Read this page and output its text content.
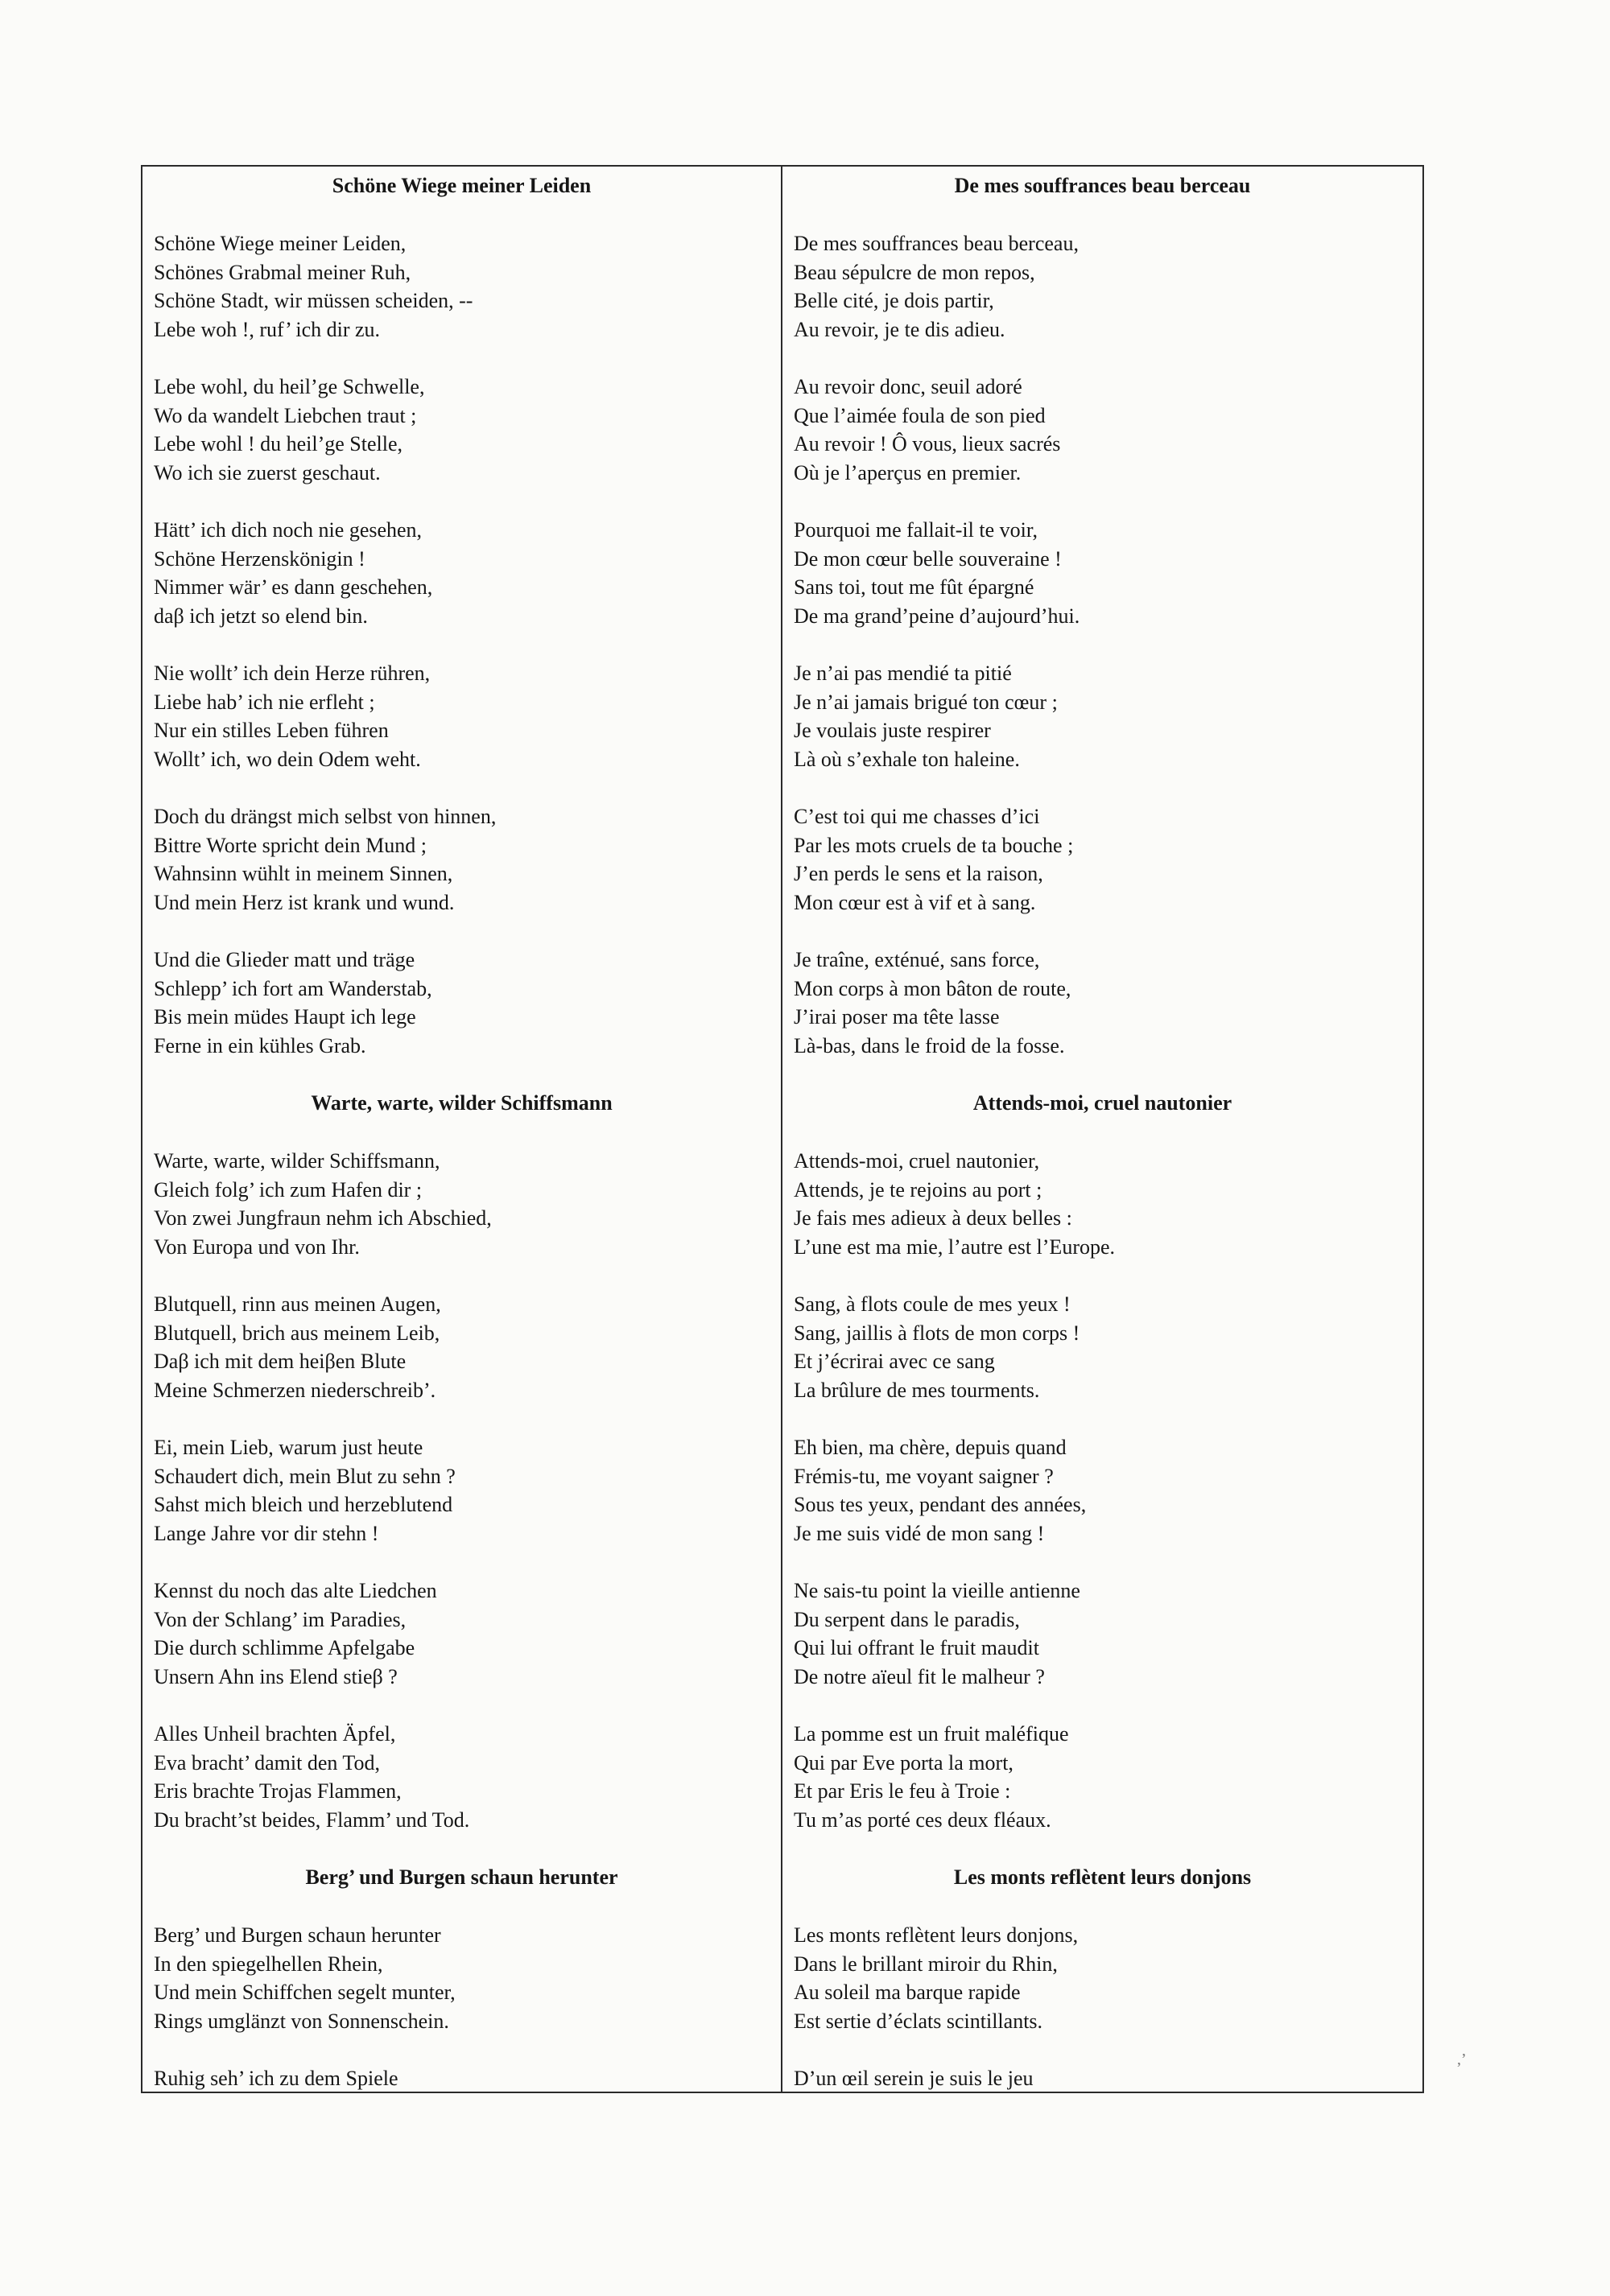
Schöne Wiege meiner Leiden
Schöne Wiege meiner Leiden,
Schönes Grabmal meiner Ruh,
Schöne Stadt, wir müssen scheiden, --
Lebe woh !, ruf’ ich dir zu.
Lebe wohl, du heil’ge Schwelle,
Wo da wandelt Liebchen traut ;
Lebe wohl ! du heil’ge Stelle,
Wo ich sie zuerst geschaut.
Hätt’ ich dich noch nie gesehen,
Schöne Herzenskönigin !
Nimmer wär’ es dann geschehen,
daβ ich jetzt so elend bin.
Nie wollt’ ich dein Herze rühren,
Liebe hab’ ich nie erfleht ;
Nur ein stilles Leben führen
Wollt’ ich, wo dein Odem weht.
Doch du drängst mich selbst von hinnen,
Bittre Worte spricht dein Mund ;
Wahnsinn wühlt in meinem Sinnen,
Und mein Herz ist krank und wund.
Und die Glieder matt und träge
Schlepp’ ich fort am Wanderstab,
Bis mein müdes Haupt ich lege
Ferne in ein kühles Grab.
Warte, warte, wilder Schiffsmann
Warte, warte, wilder Schiffsmann,
Gleich folg’ ich zum Hafen dir ;
Von zwei Jungfraun nehm ich Abschied,
Von Europa und von Ihr.
Blutquell, rinn aus meinen Augen,
Blutquell, brich aus meinem Leib,
Daβ ich mit dem heiβen Blute
Meine Schmerzen niederschreib’.
Ei, mein Lieb, warum just heute
Schaudert dich, mein Blut zu sehn ?
Sahst mich bleich und herzeblutend
Lange Jahre vor dir stehn !
Kennst du noch das alte Liedchen
Von der Schlang’ im Paradies,
Die durch schlimme Apfelgabe
Unsern Ahn ins Elend stieβ ?
Alles Unheil brachten Äpfel,
Eva bracht’ damit den Tod,
Eris brachte Trojas Flammen,
Du bracht’st beides, Flamm’ und Tod.
Berg’ und Burgen schaun herunter
Berg’ und Burgen schaun herunter
In den spiegelhellen Rhein,
Und mein Schiffchen segelt munter,
Rings umglänzt von Sonnenschein.
Ruhig seh’ ich zu dem Spiele
De mes souffrances beau berceau
De mes souffrances beau berceau,
Beau sépulcre de mon repos,
Belle cité, je dois partir,
Au revoir, je te dis adieu.
Au revoir donc, seuil adoré
Que l’aimée foula de son pied
Au revoir ! Ô vous, lieux sacrés
Où je l’aperçus en premier.
Pourquoi me fallait-il te voir,
De mon cœur belle souveraine !
Sans toi, tout me fût épargné
De ma grand’peine d’aujourd’hui.
Je n’ai pas mendié ta pitié
Je n’ai jamais brigué ton cœur ;
Je voulais juste respirer
Là où s’exhale ton haleine.
C’est toi qui me chasses d’ici
Par les mots cruels de ta bouche ;
J’en perds le sens et la raison,
Mon cœur est à vif et à sang.
Je traîne, exténué, sans force,
Mon corps à mon bâton de route,
J’irai poser ma tête lasse
Là-bas, dans le froid de la fosse.
Attends-moi, cruel nautonier
Attends-moi, cruel nautonier,
Attends, je te rejoins au port ;
Je fais mes adieux à deux belles :
L’une est ma mie, l’autre est l’Europe.
Sang, à flots coule de mes yeux !
Sang, jaillis à flots de mon corps !
Et j’écrirai avec ce sang
La brûlure de mes tourments.
Eh bien, ma chère, depuis quand
Frémis-tu, me voyant saigner ?
Sous tes yeux, pendant des années,
Je me suis vidé de mon sang !
Ne sais-tu point la vieille antienne
Du serpent dans le paradis,
Qui lui offrant le fruit maudit
De notre aïeul fit le malheur ?
La pomme est un fruit maléfique
Qui par Eve porta la mort,
Et par Eris le feu à Troie :
Tu m’as porté ces deux fléaux.
Les monts reflètent leurs donjons
Les monts reflètent leurs donjons,
Dans le brillant miroir du Rhin,
Au soleil ma barque rapide
Est sertie d’éclats scintillants.
D’un œil serein je suis le jeu
,’
